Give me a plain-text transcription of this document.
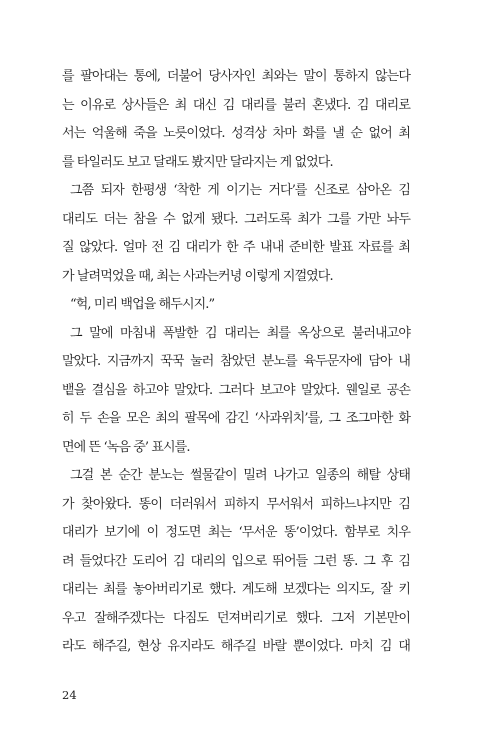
를 팔아대는 통에, 더불어 당사자인 최와는 말이 통하지 않는다

는 이유로 상사들은 최 대신 김 대리를 불러 혼냈다. 김 대리로

서는 억울해 죽을 노릇이었다. 성격상 차마 화를 낼 순 없어 최

를 타일러도 보고 달래도 봤지만 달라지는 게 없었다.

그쯤 되자 한평생 ‘착한 게 이기는 거다’를 신조로 삼아온 김

대리도 더는 참을 수 없게 됐다. 그러도록 최가 그를 가만 놔두

질 않았다. 얼마 전 김 대리가 한 주 내내 준비한 발표 자료를 최

가 날려먹었을 때, 최는 사과는커녕 이렇게 지껄였다.

“헉, 미리 백업을 해두시지.”

그 말에 마침내 폭발한 김 대리는 최를 옥상으로 불러내고야

말았다. 지금까지 꾹꾹 눌러 참았던 분노를 육두문자에 담아 내

뱉을 결심을 하고야 말았다. 그러다 보고야 말았다. 웬일로 공손

히 두 손을 모은 최의 팔목에 감긴 ‘사과위치’를, 그 조그마한 화

면에 뜬 ‘녹음 중’ 표시를.

그걸 본 순간 분노는 썰물같이 밀려 나가고 일종의 해탈 상태

가 찾아왔다. 똥이 더러워서 피하지 무서워서 피하느냐지만 김

대리가 보기에 이 정도면 최는 ‘무서운 똥’이었다. 함부로 치우

려 들었다간 도리어 김 대리의 입으로 뛰어들 그런 똥. 그 후 김

대리는 최를 놓아버리기로 했다. 계도해 보겠다는 의지도, 잘 키

우고 잘해주겠다는 다짐도 던져버리기로 했다. 그저 기본만이

라도 해주길, 현상 유지라도 해주길 바랄 뿐이었다. 마치 김 대

24
